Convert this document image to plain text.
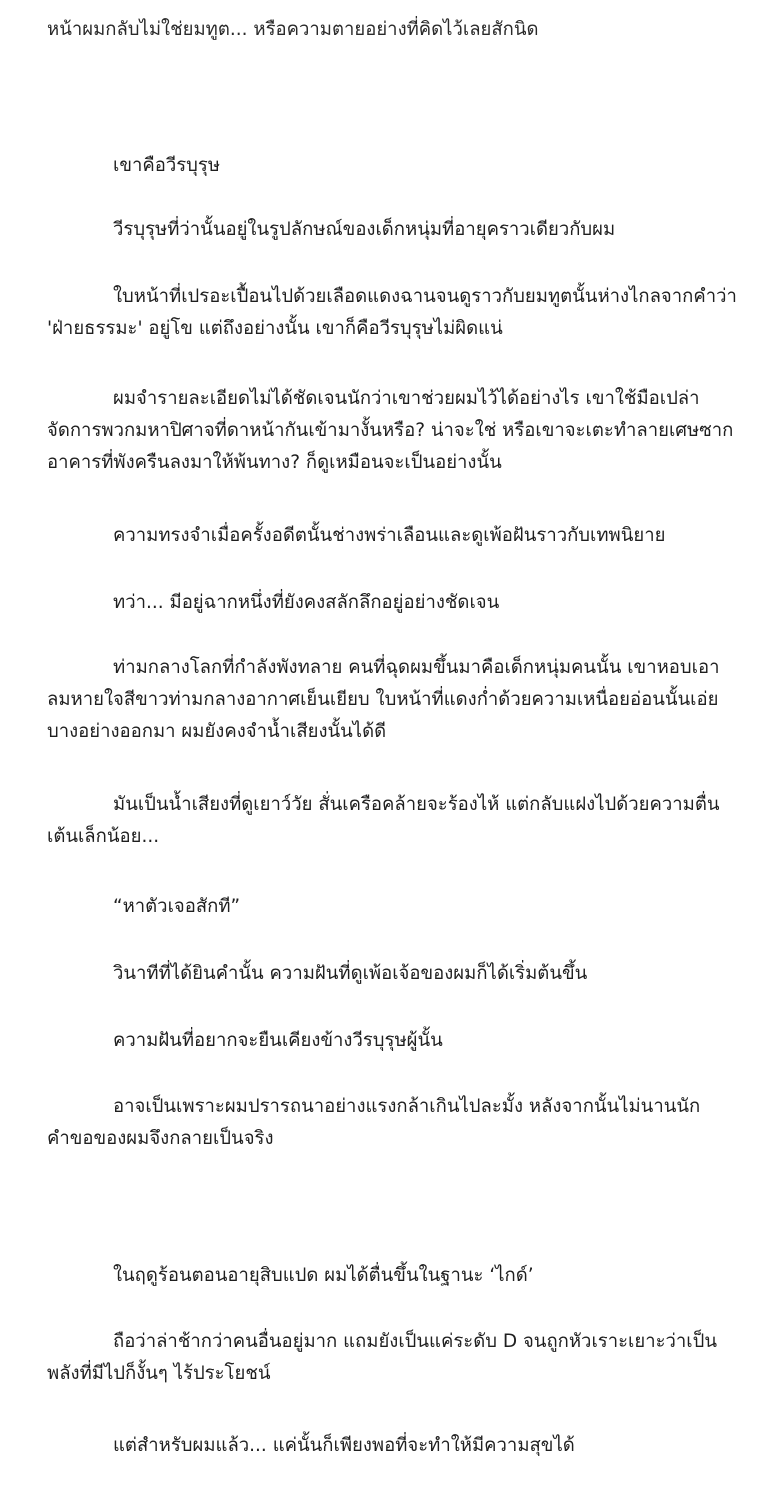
หน้าผมกลับไม่ใช่ยมทูต... หรือความตายอย่างที่คิดไว้เลยสักนิด

เขาคือวีรบุรุษ

วีรบุรุษที่ว่านั้นอยู่ในรูปลักษณ์ของเด็กหนุ่มที่อายุคราวเดียวกับผม

ใบหน้าที่เปรอะเปื้อนไปด้วยเลือดแดงฉานจนดูราวกับยมทูตนั้นห่างไกลจากคำว่า 'ฝ่ายธรรมะ' อยู่โข แต่ถึงอย่างนั้น เขาก็คือวีรบุรุษไม่ผิดแน่

ผมจำรายละเอียดไม่ได้ชัดเจนนักว่าเขาช่วยผมไว้ได้อย่างไร เขาใช้มือเปล่าจัดการพวกมหาปิศาจที่ดาหน้ากันเข้ามางั้นหรือ? น่าจะใช่ หรือเขาจะเตะทำลายเศษซากอาคารที่พังครืนลงมาให้พ้นทาง? ก็ดูเหมือนจะเป็นอย่างนั้น

ความทรงจำเมื่อครั้งอดีตนั้นช่างพร่าเลือนและดูเพ้อฝันราวกับเทพนิยาย

ทว่า... มีอยู่ฉากหนึ่งที่ยังคงสลักลึกอยู่อย่างชัดเจน

ท่ามกลางโลกที่กำลังพังทลาย คนที่ฉุดผมขึ้นมาคือเด็กหนุ่มคนนั้น เขาหอบเอาลมหายใจสีขาวท่ามกลางอากาศเย็นเยียบ ใบหน้าที่แดงก่ำด้วยความเหนื่อยอ่อนนั้นเอ่ยบางอย่างออกมา ผมยังคงจำน้ำเสียงนั้นได้ดี

มันเป็นน้ำเสียงที่ดูเยาว์วัย สั่นเครือคล้ายจะร้องไห้ แต่กลับแฝงไปด้วยความตื่นเต้นเล็กน้อย...

“หาตัวเจอสักที”

วินาทีที่ได้ยินคำนั้น ความฝันที่ดูเพ้อเจ้อของผมก็ได้เริ่มต้นขึ้น

ความฝันที่อยากจะยืนเคียงข้างวีรบุรุษผู้นั้น

อาจเป็นเพราะผมปรารถนาอย่างแรงกล้าเกินไปละมั้ง หลังจากนั้นไม่นานนัก คำขอของผมจึงกลายเป็นจริง

ในฤดูร้อนตอนอายุสิบแปด ผมได้ตื่นขึ้นในฐานะ ‘ไกด์’

ถือว่าล่าช้ากว่าคนอื่นอยู่มาก แถมยังเป็นแค่ระดับ D จนถูกหัวเราะเยาะว่าเป็นพลังที่มีไปก็งั้นๆ ไร้ประโยชน์

แต่สำหรับผมแล้ว... แค่นั้นก็เพียงพอที่จะทำให้มีความสุขได้
